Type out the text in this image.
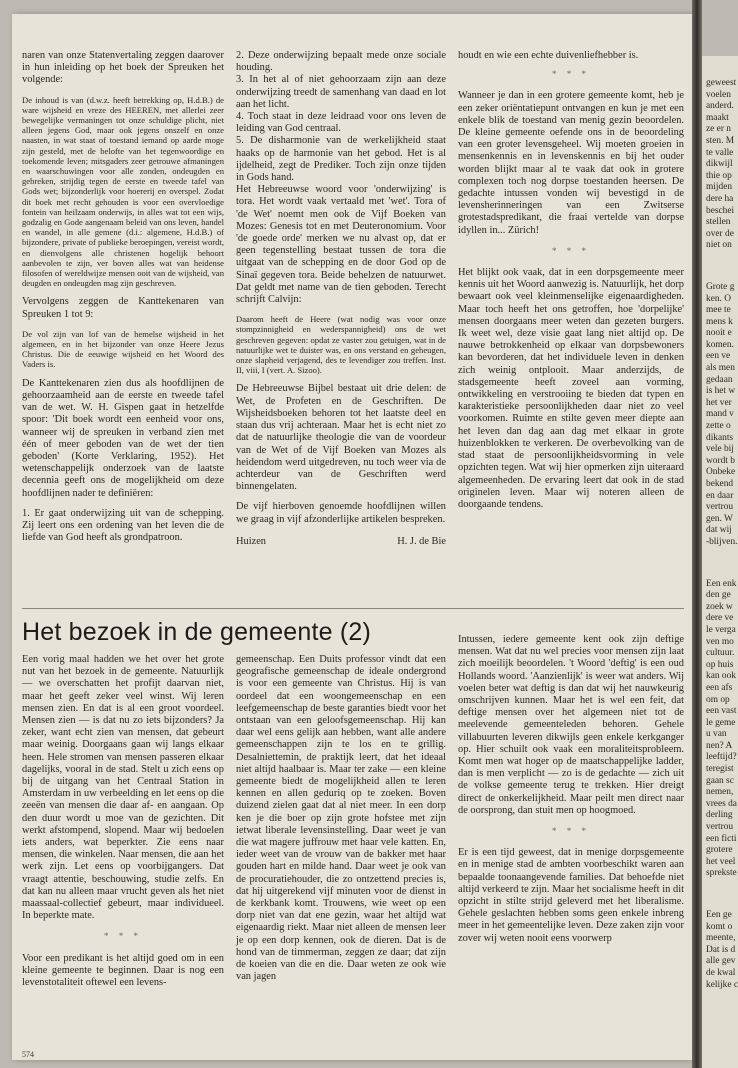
naren van onze Statenvertaling zeggen daarover in hun inleiding op het boek der Spreuken het volgende:

De inhoud is van (d.w.z. heeft betrekking op, H.d.B.) de ware wijsheid en vreze des HEEREN, met allerlei zeer bewegelijke vermaningen tot onze schuldige plicht, niet alleen jegens God, maar ook jegens onszelf en onze naasten, in wat staat of toestand iemand op aarde moge zijn gesteld, met de belofte van het tegenwoordige en toekomende leven; mitsgaders zeer getrouwe afmaningen en waarschuwingen voor alle zonden, ondeugden en gebreken, strijdig tegen de eerste en tweede tafel van Gods wet; bijzonderlijk voor hoererij en overspel. Zodat dit boek met recht gehouden is voor een overvloedige fontein van heilzaam onderwijs, in alles wat tot een wijs, godzalig en Gode aangenaam beleid van ons leven, handel en wandel, in alle gemene (d.i.: algemene, H.d.B.) of bijzondere, private of publieke beroepingen, vereist wordt, en dienvolgens alle christenen hogelijk behoort aanbevolen te zijn, ver boven alles wat van heidense filosofen of wereldwijze mensen ooit van de wijsheid, van deugden en ondeugden mag zijn geschreven.

Vervolgens zeggen de Kanttekenaren van Spreuken 1 tot 9:

De vol zijn van lof van de hemelse wijsheid in het algemeen, en in het bijzonder van onze Heere Jezus Christus. Die de eeuwige wijsheid en het Woord des Vaders is.

De Kanttekenaren zien dus als hoofdlijnen de gehoorzaamheid aan de eerste en tweede tafel van de wet. W. H. Gispen gaat in hetzelfde spoor: 'Dit boek wordt een eenheid voor ons, wanneer wij de spreuken in verband zien met één of meer geboden van de wet der tien geboden' (Korte Verklaring, 1952). Het wetenschappelijk onderzoek van de laatste decennia geeft ons de mogelijkheid om deze hoofdlijnen nader te definiëren:

1. Er gaat onderwijzing uit van de schepping. Zij leert ons een ordening van het leven die de liefde van God heeft als grondpatroon.

2. Deze onderwijzing bepaalt mede onze sociale houding.

3. In het al of niet gehoorzaam zijn aan deze onderwijzing treedt de samenhang van daad en lot aan het licht.

4. Toch staat in deze leidraad voor ons leven de leiding van God centraal.

5. De disharmonie van de werkelijkheid staat haaks op de harmonie van het gebod. Het is al ijdelheid, zegt de Prediker. Toch zijn onze tijden in Gods hand.

Het Hebreeuwse woord voor 'onderwijzing' is tora. Het wordt vaak vertaald met 'wet'. Tora of 'de Wet' noemt men ook de Vijf Boeken van Mozes: Genesis tot en met Deuteronomium. Voor 'de goede orde' merken we nu alvast op, dat er geen tegenstelling bestaat tussen de tora die uitgaat van de schepping en de door God op de Sinaï gegeven tora. Beide behelzen de natuurwet. Dat geldt met name van de tien geboden. Terecht schrijft Calvijn:

Daarom heeft de Heere (wat nodig was voor onze stompzinnigheid en wederspannigheid) ons de wet geschreven gegeven: opdat ze vaster zou getuigen, wat in de natuurlijke wet te duister was, en ons verstand en geheugen, onze slapheid verjagend, des te levendiger zou treffen. Inst. II, viii, I (vert. A. Sizoo).

De Hebreeuwse Bijbel bestaat uit drie delen: de Wet, de Profeten en de Geschriften. De Wijsheidsboeken behoren tot het laatste deel en staan dus vrij achteraan. Maar het is echt niet zo dat de natuurlijke theologie die van de voordeur van de Wet of de Vijf Boeken van Mozes als heidendom werd uitgedreven, nu toch weer via de achterdeur van de Geschriften werd binnengelaten.

De vijf hierboven genoemde hoofdlijnen willen we graag in vijf afzonderlijke artikelen bespreken.

Huizen	H. J. de Bie

houdt en wie een echte duivenliefhebber is.

* * *

Wanneer je dan in een grotere gemeente komt, heb je een zeker oriëntatiepunt ontvangen en kun je met een enkele blik de toestand van menig gezin beoordelen. De kleine gemeente oefende ons in de beoordeling van een groter levensgeheel. Wij moeten groeien in mensenkennis en in levenskennis en bij het ouder worden blijkt maar al te vaak dat ook in grotere complexen toch nog dorpse toestanden heersen. De gedachte intussen vonden wij bevestigd in de levensherinneringen van een Zwitserse grotestadspredikant, die fraai vertelde van dorpse idyllen in... Zürich!

* * *

Het blijkt ook vaak, dat in een dorpsgemeente meer kennis uit het Woord aanwezig is. Natuurlijk, het dorp bewaart ook veel kleinmenselijke eigenaardigheden. Maar toch heeft het ons getroffen, hoe 'dorpelijke' mensen doorgaans meer weten dan gezeten burgers. Ik weet wel, deze visie gaat lang niet altijd op. De nauwe betrokkenheid op elkaar van dorpsbewoners kan bevorderen, dat het individuele leven in denken zich weinig ontplooit. Maar anderzijds, de stadsgemeente heeft zoveel aan vorming, ontwikkeling en verstrooiing te bieden dat typen en karakteristieke persoonlijkheden daar niet zo veel voorkomen. Ruimte en stilte geven meer diepte aan het leven dan dag aan dag met elkaar in grote huizenblokken te verkeren. De overbevolking van de stad staat de persoonlijkheidsvorming in vele opzichten tegen. Wat wij hier opmerken zijn uiteraard algemeenheden. De ervaring leert dat ook in de stad originelen leven. Maar wij noteren alleen de doorgaande tendens.

Het bezoek in de gemeente (2)

Een vorig maal hadden we het over het grote nut van het bezoek in de gemeente. Natuurlijk — we overschatten het profijt daarvan niet, maar het geeft zeker veel winst. Wij leren mensen zien. En dat is al een groot voordeel. Mensen zien — is dat nu zo iets bijzonders? Ja zeker, want echt zien van mensen, dat gebeurt maar weinig. Doorgaans gaan wij langs elkaar heen. Hele stromen van mensen passeren elkaar dagelijks, vooral in de stad. Stelt u zich eens op bij de uitgang van het Centraal Station in Amsterdam in uw verbeelding en let eens op die zeeën van mensen die daar af- en aangaan. Op den duur wordt u moe van de gezichten. Dit werkt afstompend, slopend. Maar wij bedoelen iets anders, wat beperkter. Zie eens naar mensen, die winkelen. Naar mensen, die aan het werk zijn. Let eens op voorbijgangers. Dat vraagt attentie, beschouwing, studie zelfs. En dat kan nu alleen maar vrucht geven als het niet maassaal-collectief gebeurt, maar individueel. In beperkte mate.

* * *

Voor een predikant is het altijd goed om in een kleine gemeente te beginnen. Daar is nog een levenstotaliteit oftewel een levens-

gemeenschap. Een Duits professor vindt dat een geografische gemeenschap de ideale ondergrond is voor een gemeente van Christus. Hij is van oordeel dat een woongemeenschap en een leefgemeenschap de beste garanties biedt voor het ontstaan van een geloofsgemeenschap. Hij kan daar wel eens gelijk aan hebben, want alle andere gemeenschappen zijn te los en te grillig. Desalniettemin, de praktijk leert, dat het ideaal niet altijd haalbaar is. Maar ter zake — een kleine gemeente biedt de mogelijkheid allen te leren kennen en allen geduriq op te zoeken. Boven duizend zielen gaat dat al niet meer. In een dorp ken je die boer op zijn grote hofstee met zijn ietwat liberale levensinstelling. Daar weet je van die wat magere juffrouw met haar vele katten. En, ieder weet van de vrouw van de bakker met haar gouden hart en milde hand. Daar weet je ook van de procuratiehouder, die zo ontzettend precies is, dat hij uitgerekend vijf minuten voor de dienst in de kerkbank komt. Trouwens, wie weet op een dorp niet van dat ene gezin, waar het altijd wat eigenaardig riekt. Maar niet alleen de mensen leer je op een dorp kennen, ook de dieren. Dat is de hond van de timmerman, zeggen ze daar; dat zijn de koeien van die en die. Daar weten ze ook wie van jagen

Intussen, iedere gemeente kent ook zijn deftige mensen. Wat dat nu wel precies voor mensen zijn laat zich moeilijk beoordelen. 't Woord 'deftig' is een oud Hollands woord. 'Aanzienlijk' is weer wat anders. Wij voelen beter wat deftig is dan dat wij het nauwkeurig omschrijven kunnen. Maar het is wel een feit, dat deftige mensen over het algemeen niet tot de meelevende gemeenteleden behoren. Gehele villabuurten leveren dikwijls geen enkele kerkganger op. Hier schuilt ook vaak een moraliteitsprobleem. Komt men wat hoger op de maatschappelijke ladder, dan is men verplicht — zo is de gedachte — zich uit de volkse gemeente terug te trekken. Hier dreigt direct de onkerkelijkheid. Maar peilt men direct naar de oorsprong, dan stuit men op hoogmoed.

* * *

Er is een tijd geweest, dat in menige dorpsgemeente en in menige stad de ambten voorbeschikt waren aan bepaalde toonaangevende families. Dat behoefde niet altijd verkeerd te zijn. Maar het socialisme heeft in dit opzicht in stilte strijd geleverd met het liberalisme. Gehele geslachten hebben soms geen enkele inbreng meer in het gemeentelijke leven. Deze zaken zijn voor zover wij weten nooit eens voorwerp

574
geweest
voelen
anderd.
maakt
ze er n
sten. M
te valle
dikwijl
thie op
mijden
dere ha
beschei
stellen
over de
niet on
Grote g
ken. O
mee te
mens k
nooit e
komen.
een ve
als men
gedaan
is het w
het ver
mand v
zette o
dikants
vele bij
wordt b
Onbeke
bekend
en daar
vertrou
gen. W
dat wij
-blijven.
Een enk
den ge
zoek w
dere ve
le verga
ven mo
cultuur.
op huis
kan ook
een afs
om op
een vast
le geme
u van
nen? A
leeftijd?
teregist
gaan sc
nemen,
vrees da
derling
vertrou
een ficti
grotere
het veel
sprekste
Een ge
komt o
meente,
Dat is d
alle gev
de kwal
kelijke c
